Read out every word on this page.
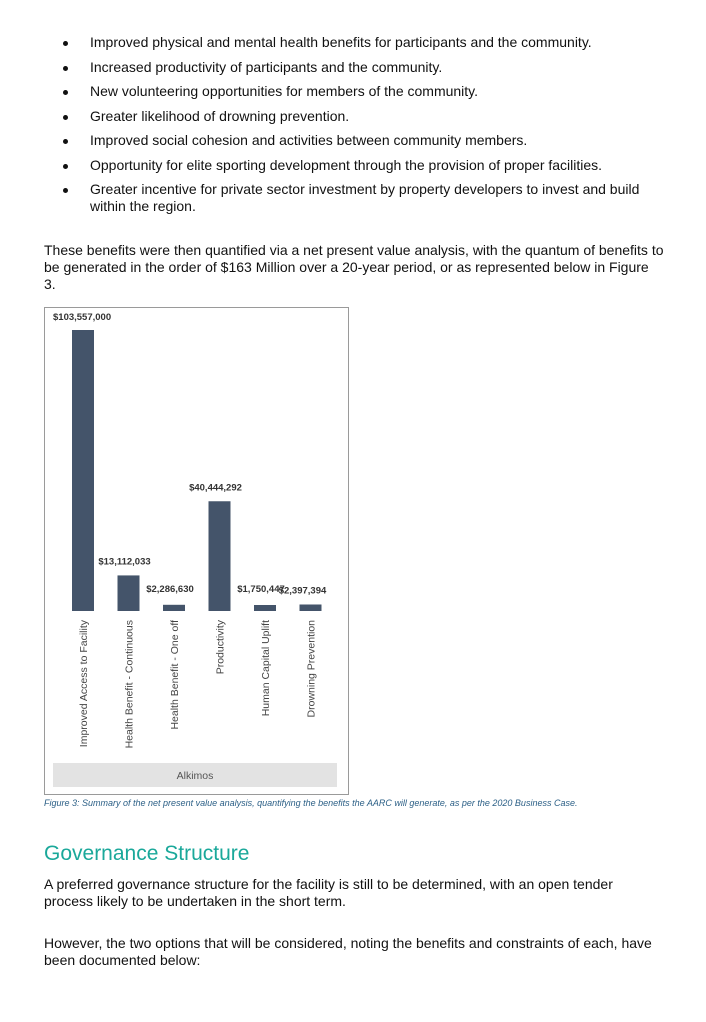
Improved physical and mental health benefits for participants and the community.
Increased productivity of participants and the community.
New volunteering opportunities for members of the community.
Greater likelihood of drowning prevention.
Improved social cohesion and activities between community members.
Opportunity for elite sporting development through the provision of proper facilities.
Greater incentive for private sector investment by property developers to invest and build within the region.

These benefits were then quantified via a net present value analysis, with the quantum of benefits to be generated in the order of $163 Million over a 20-year period, or as represented below in Figure 3.

$103,557,000
Improved Access to Facility
$13,112,033
Health Benefit - Continuous
$2,286,630
Health Benefit - One off
$40,444,292
Productivity
$1,750,447
Human Capital Uplift
$2,397,394
Drowning Prevention
Alkimos
Figure 3: Summary of the net present value analysis, quantifying the benefits the AARC will generate, as per the 2020 Business Case.
Governance Structure

A preferred governance structure for the facility is still to be determined, with an open tender process likely to be undertaken in the short term.

However, the two options that will be considered, noting the benefits and constraints of each, have been documented below:
